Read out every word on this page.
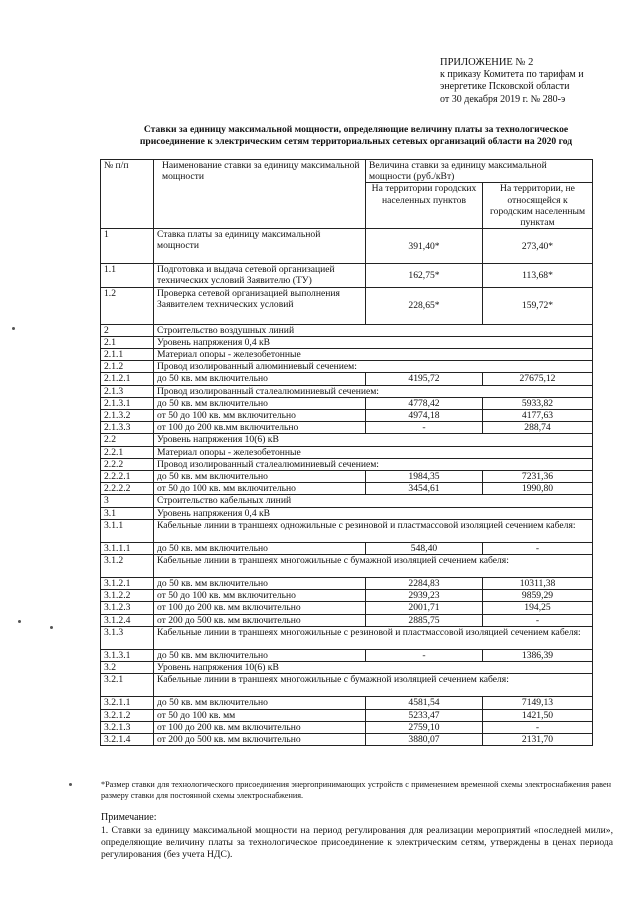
ПРИЛОЖЕНИЕ № 2
к приказу Комитета по тарифам и
энергетике Псковской области
от 30 декабря 2019 г. № 280-э
Ставки за единицу максимальной мощности, определяющие величину платы за технологическое
присоединение к электрическим сетям территориальных сетевых организаций области на 2020 год
№ п/п	Наименование ставки за единицу максимальной мощности	Величина ставки за единицу максимальной мощности (руб./кВт)	
		На территории городских населенных пунктов	На территории, не относящейся к городским населенным пунктам
1	Ставка платы за единицу максимальной мощности	391,40*	273,40*
1.1	Подготовка и выдача сетевой организацией технических условий Заявителю (ТУ)	162,75*	113,68*
1.2	Проверка сетевой организацией выполнения Заявителем технических условий	228,65*	159,72*
2	Строительство воздушных линий		
2.1	Уровень напряжения 0,4 кВ		
2.1.1	Материал опоры - железобетонные		
2.1.2	Провод изолированный алюминиевый сечением:		
2.1.2.1	до 50 кв. мм включительно	4195,72	27675,12
2.1.3	Провод изолированный сталеалюминиевый сечением:		
2.1.3.1	до 50 кв. мм включительно	4778,42	5933,82
2.1.3.2	от 50 до 100 кв. мм включительно	4974,18	4177,63
2.1.3.3	от 100 до 200 кв.мм включительно	-	288,74
2.2	Уровень напряжения 10(6) кВ		
2.2.1	Материал опоры - железобетонные		
2.2.2	Провод изолированный сталеалюминиевый сечением:		
2.2.2.1	до 50 кв. мм включительно	1984,35	7231,36
2.2.2.2	от 50 до 100 кв. мм включительно	3454,61	1990,80
3	Строительство кабельных линий		
3.1	Уровень напряжения 0,4 кВ		
3.1.1	Кабельные линии в траншеях одножильные с резиновой и пластмассовой изоляцией сечением кабеля:		
3.1.1.1	до 50 кв. мм включительно	548,40	-
3.1.2	Кабельные линии в траншеях многожильные с бумажной изоляцией сечением кабеля:		
3.1.2.1	до 50 кв. мм включительно	2284,83	10311,38
3.1.2.2	от 50 до 100 кв. мм включительно	2939,23	9859,29
3.1.2.3	от 100 до 200 кв. мм включительно	2001,71	194,25
3.1.2.4	от 200 до 500 кв. мм включительно	2885,75	-
3.1.3	Кабельные линии в траншеях многожильные с резиновой и пластмассовой изоляцией сечением кабеля:		
3.1.3.1	до 50 кв. мм включительно	-	1386,39
3.2	Уровень напряжения 10(6) кВ		
3.2.1	Кабельные линии в траншеях многожильные с бумажной изоляцией сечением кабеля:		
3.2.1.1	до 50 кв. мм включительно	4581,54	7149,13
3.2.1.2	от 50 до 100 кв. мм	5233,47	1421,50
3.2.1.3	от 100 до 200 кв. мм включительно	2759,10	-
3.2.1.4	от 200 до 500 кв. мм включительно	3880,07	2131,70
*Размер ставки для технологического присоединения энергопринимающих устройств с применением временной схемы электроснабжения равен размеру ставки для постоянной схемы электроснабжения.
Примечание:
1. Ставки за единицу максимальной мощности на период регулирования для реализации мероприятий «последней мили», определяющие величину платы за технологическое присоединение к электрическим сетям, утверждены в ценах периода регулирования (без учета НДС).
